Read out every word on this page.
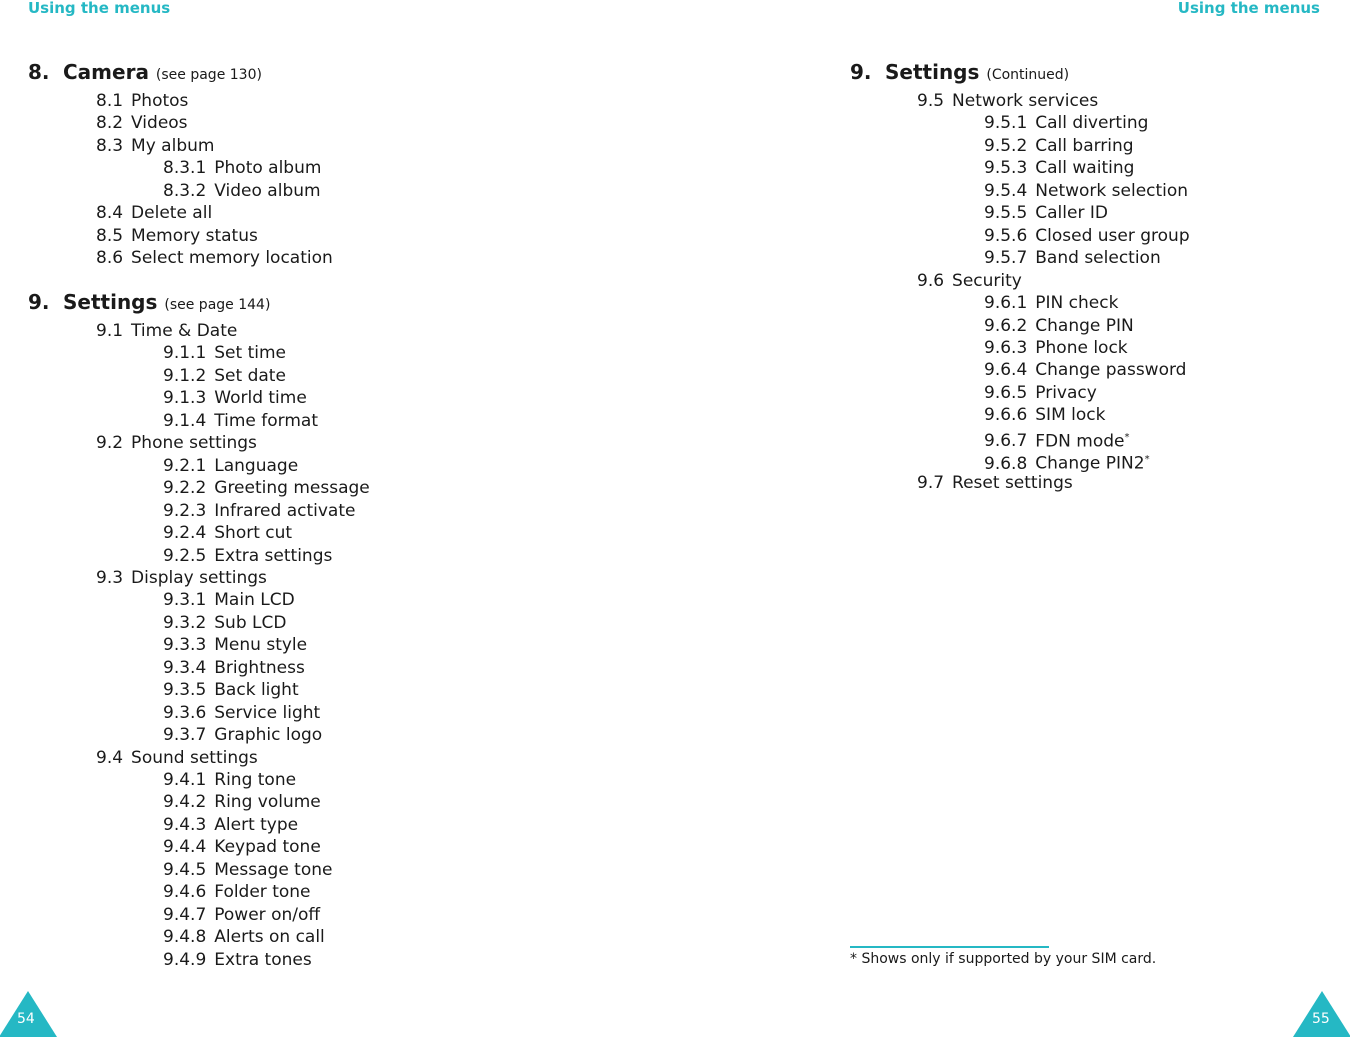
Using the menus	Using the menus
8. Camera (see page 130)
8.1 Photos
8.2 Videos
8.3 My album
8.3.1 Photo album
8.3.2 Video album
8.4 Delete all
8.5 Memory status
8.6 Select memory location
9. Settings (see page 144)
9.1 Time & Date
9.1.1 Set time
9.1.2 Set date
9.1.3 World time
9.1.4 Time format
9.2 Phone settings
9.2.1 Language
9.2.2 Greeting message
9.2.3 Infrared activate
9.2.4 Short cut
9.2.5 Extra settings
9.3 Display settings
9.3.1 Main LCD
9.3.2 Sub LCD
9.3.3 Menu style
9.3.4 Brightness
9.3.5 Back light
9.3.6 Service light
9.3.7 Graphic logo
9.4 Sound settings
9.4.1 Ring tone
9.4.2 Ring volume
9.4.3 Alert type
9.4.4 Keypad tone
9.4.5 Message tone
9.4.6 Folder tone
9.4.7 Power on/off
9.4.8 Alerts on call
9.4.9 Extra tones
9. Settings (Continued)
9.5 Network services
9.5.1 Call diverting
9.5.2 Call barring
9.5.3 Call waiting
9.5.4 Network selection
9.5.5 Caller ID
9.5.6 Closed user group
9.5.7 Band selection
9.6 Security
9.6.1 PIN check
9.6.2 Change PIN
9.6.3 Phone lock
9.6.4 Change password
9.6.5 Privacy
9.6.6 SIM lock
9.6.7 FDN mode*
9.6.8 Change PIN2*
9.7 Reset settings
* Shows only if supported by your SIM card.
54	55
